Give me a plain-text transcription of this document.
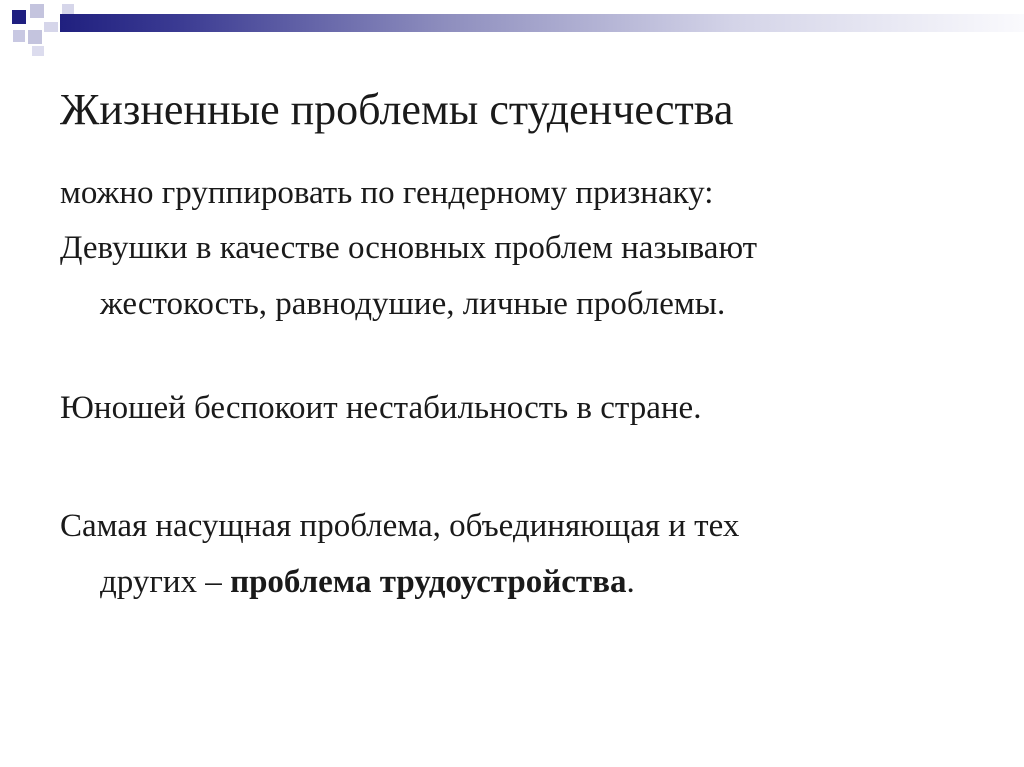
Жизненные проблемы студенчества

можно группировать по гендерному признаку:

Девушки в качестве основных проблем называют
жестокость, равнодушие, личные проблемы.

Юношей беспокоит нестабильность в стране.

Самая насущная проблема, объединяющая и тех
других – проблема трудоустройства.
